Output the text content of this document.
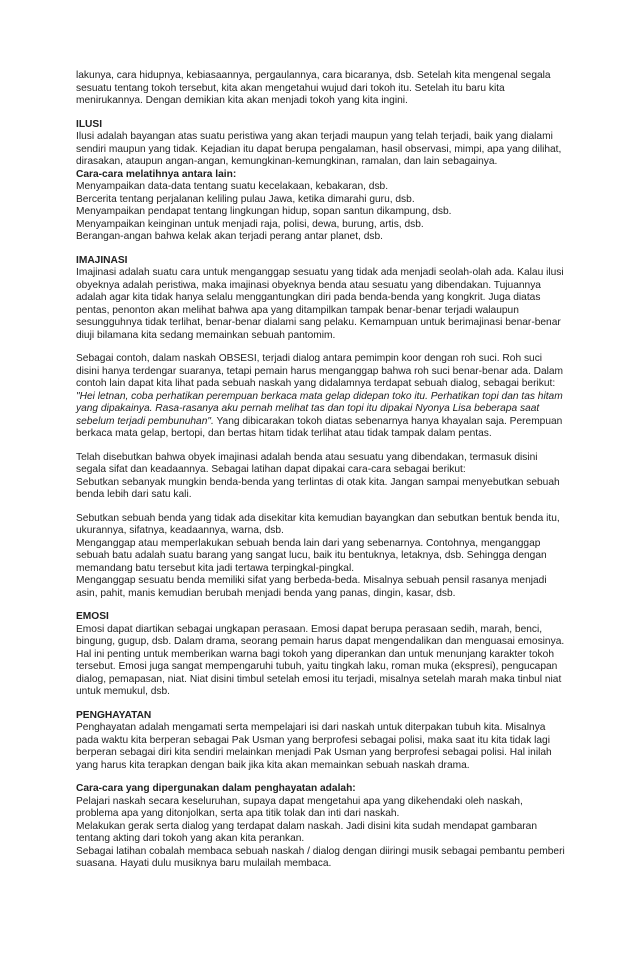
lakunya, cara hidupnya, kebiasaannya, pergaulannya, cara bicaranya, dsb. Setelah kita mengenal segala sesuatu tentang tokoh tersebut, kita akan mengetahui wujud dari tokoh itu. Setelah itu baru kita menirukannya. Dengan demikian kita akan menjadi tokoh yang kita ingini.

ILUSI

Ilusi adalah bayangan atas suatu peristiwa yang akan terjadi maupun yang telah terjadi, baik yang dialami sendiri maupun yang tidak. Kejadian itu dapat berupa pengalaman, hasil observasi, mimpi, apa yang dilihat, dirasakan, ataupun angan-angan, kemungkinan-kemungkinan, ramalan, dan lain sebagainya.

Cara-cara melatihnya antara lain:

Menyampaikan data-data tentang suatu kecelakaan, kebakaran, dsb.

Bercerita tentang perjalanan keliling pulau Jawa, ketika dimarahi guru, dsb.

Menyampaikan pendapat tentang lingkungan hidup, sopan santun dikampung, dsb.

Menyampaikan keinginan untuk menjadi raja, polisi, dewa, burung, artis, dsb.

Berangan-angan bahwa kelak akan terjadi perang antar planet, dsb.

IMAJINASI

Imajinasi adalah suatu cara untuk menganggap sesuatu yang tidak ada menjadi seolah-olah ada. Kalau ilusi obyeknya adalah peristiwa, maka imajinasi obyeknya benda atau sesuatu yang dibendakan. Tujuannya adalah agar kita tidak hanya selalu menggantungkan diri pada benda-benda yang kongkrit. Juga diatas pentas, penonton akan melihat bahwa apa yang ditampilkan tampak benar-benar terjadi walaupun sesungguhnya tidak terlihat, benar-benar dialami sang pelaku. Kemampuan untuk berimajinasi benar-benar diuji bilamana kita sedang memainkan sebuah pantomim.

Sebagai contoh, dalam naskah OBSESI, terjadi dialog antara pemimpin koor dengan roh suci. Roh suci disini hanya terdengar suaranya, tetapi pemain harus menganggap bahwa roh suci benar-benar ada. Dalam contoh lain dapat kita lihat pada sebuah naskah yang didalamnya terdapat sebuah dialog, sebagai berikut: "Hei letnan, coba perhatikan perempuan berkaca mata gelap didepan toko itu. Perhatikan topi dan tas hitam yang dipakainya. Rasa-rasanya aku pernah melihat tas dan topi itu dipakai Nyonya Lisa beberapa saat sebelum terjadi pembunuhan". Yang dibicarakan tokoh diatas sebenarnya hanya khayalan saja. Perempuan berkaca mata gelap, bertopi, dan bertas hitam tidak terlihat atau tidak tampak dalam pentas.

Telah disebutkan bahwa obyek imajinasi adalah benda atau sesuatu yang dibendakan, termasuk disini segala sifat dan keadaannya. Sebagai latihan dapat dipakai cara-cara sebagai berikut:

Sebutkan sebanyak mungkin benda-benda yang terlintas di otak kita. Jangan sampai menyebutkan sebuah benda lebih dari satu kali.

Sebutkan sebuah benda yang tidak ada disekitar kita kemudian bayangkan dan sebutkan bentuk benda itu, ukurannya, sifatnya, keadaannya, warna, dsb.

Menganggap atau memperlakukan sebuah benda lain dari yang sebenarnya. Contohnya, menganggap sebuah batu adalah suatu barang yang sangat lucu, baik itu bentuknya, letaknya, dsb. Sehingga dengan memandang batu tersebut kita jadi tertawa terpingkal-pingkal.

Menganggap sesuatu benda memiliki sifat yang berbeda-beda. Misalnya sebuah pensil rasanya menjadi asin, pahit, manis kemudian berubah menjadi benda yang panas, dingin, kasar, dsb.

EMOSI

Emosi dapat diartikan sebagai ungkapan perasaan. Emosi dapat berupa perasaan sedih, marah, benci, bingung, gugup, dsb. Dalam drama, seorang pemain harus dapat mengendalikan dan menguasai emosinya. Hal ini penting untuk memberikan warna bagi tokoh yang diperankan dan untuk menunjang karakter tokoh tersebut. Emosi juga sangat mempengaruhi tubuh, yaitu tingkah laku, roman muka (ekspresi), pengucapan dialog, pemapasan, niat. Niat disini timbul setelah emosi itu terjadi, misalnya setelah marah maka tinbul niat untuk memukul, dsb.

PENGHAYATAN

Penghayatan adalah mengamati serta mempelajari isi dari naskah untuk diterpakan tubuh kita. Misalnya pada waktu kita berperan sebagai Pak Usman yang berprofesi sebagai polisi, maka saat itu kita tidak lagi berperan sebagai diri kita sendiri melainkan menjadi Pak Usman yang berprofesi sebagai polisi. Hal inilah yang harus kita terapkan dengan baik jika kita akan memainkan sebuah naskah drama.

Cara-cara yang dipergunakan dalam penghayatan adalah:

Pelajari naskah secara keseluruhan, supaya dapat mengetahui apa yang dikehendaki oleh naskah, problema apa yang ditonjolkan, serta apa titik tolak dan inti dari naskah.

Melakukan gerak serta dialog yang terdapat dalam naskah. Jadi disini kita sudah mendapat gambaran tentang akting dari tokoh yang akan kita perankan.

Sebagai latihan cobalah membaca sebuah naskah / dialog dengan diiringi musik sebagai pembantu pemberi suasana. Hayati dulu musiknya baru mulailah membaca.
